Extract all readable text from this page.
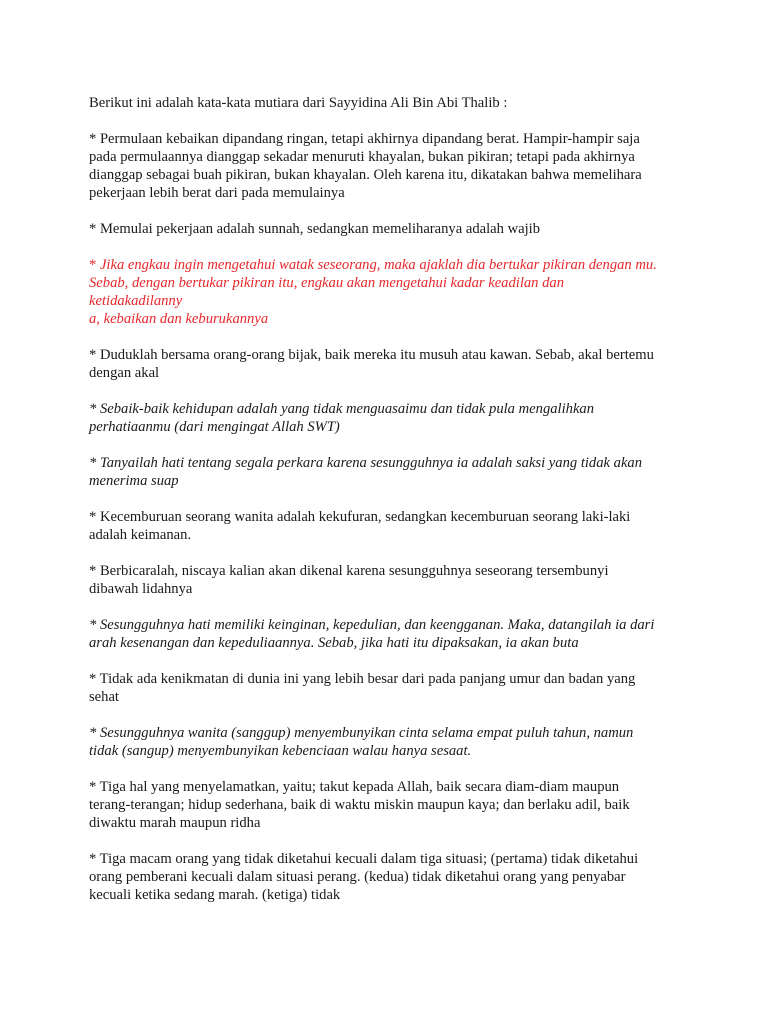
Berikut ini adalah kata-kata mutiara dari Sayyidina Ali Bin Abi Thalib :

* Permulaan kebaikan dipandang ringan, tetapi akhirnya dipandang berat. Hampir-hampir saja
pada permulaannya dianggap sekadar menuruti khayalan, bukan pikiran; tetapi pada akhirnya
dianggap sebagai buah pikiran, bukan khayalan. Oleh karena itu, dikatakan bahwa memelihara
pekerjaan lebih berat dari pada memulainya

* Memulai pekerjaan adalah sunnah, sedangkan memeliharanya adalah wajib

* Jika engkau ingin mengetahui watak seseorang, maka ajaklah dia bertukar pikiran dengan mu.
Sebab, dengan bertukar pikiran itu, engkau akan mengetahui kadar keadilan dan
ketidakadilanny
a, kebaikan dan keburukannya

* Duduklah bersama orang-orang bijak, baik mereka itu musuh atau kawan. Sebab, akal bertemu
dengan akal

* Sebaik-baik kehidupan adalah yang tidak menguasaimu dan tidak pula mengalihkan
perhatiaanmu (dari mengingat Allah SWT)

* Tanyailah hati tentang segala perkara karena sesungguhnya ia adalah saksi yang tidak akan
menerima suap

* Kecemburuan seorang wanita adalah kekufuran, sedangkan kecemburuan seorang laki-laki
adalah keimanan.

* Berbicaralah, niscaya kalian akan dikenal karena sesungguhnya seseorang tersembunyi
dibawah lidahnya

* Sesungguhnya hati memiliki keinginan, kepedulian, dan keengganan. Maka, datangilah ia dari
arah kesenangan dan kepeduliaannya. Sebab, jika hati itu dipaksakan, ia akan buta

* Tidak ada kenikmatan di dunia ini yang lebih besar dari pada panjang umur dan badan yang
sehat

* Sesungguhnya wanita (sanggup) menyembunyikan cinta selama empat puluh tahun, namun
tidak (sangup) menyembunyikan kebenciaan walau hanya sesaat.

* Tiga hal yang menyelamatkan, yaitu; takut kepada Allah, baik secara diam-diam maupun
terang-terangan; hidup sederhana, baik di waktu miskin maupun kaya; dan berlaku adil, baik
diwaktu marah maupun ridha

* Tiga macam orang yang tidak diketahui kecuali dalam tiga situasi; (pertama) tidak diketahui
orang pemberani kecuali dalam situasi perang. (kedua) tidak diketahui orang yang penyabar
kecuali ketika sedang marah. (ketiga) tidak
